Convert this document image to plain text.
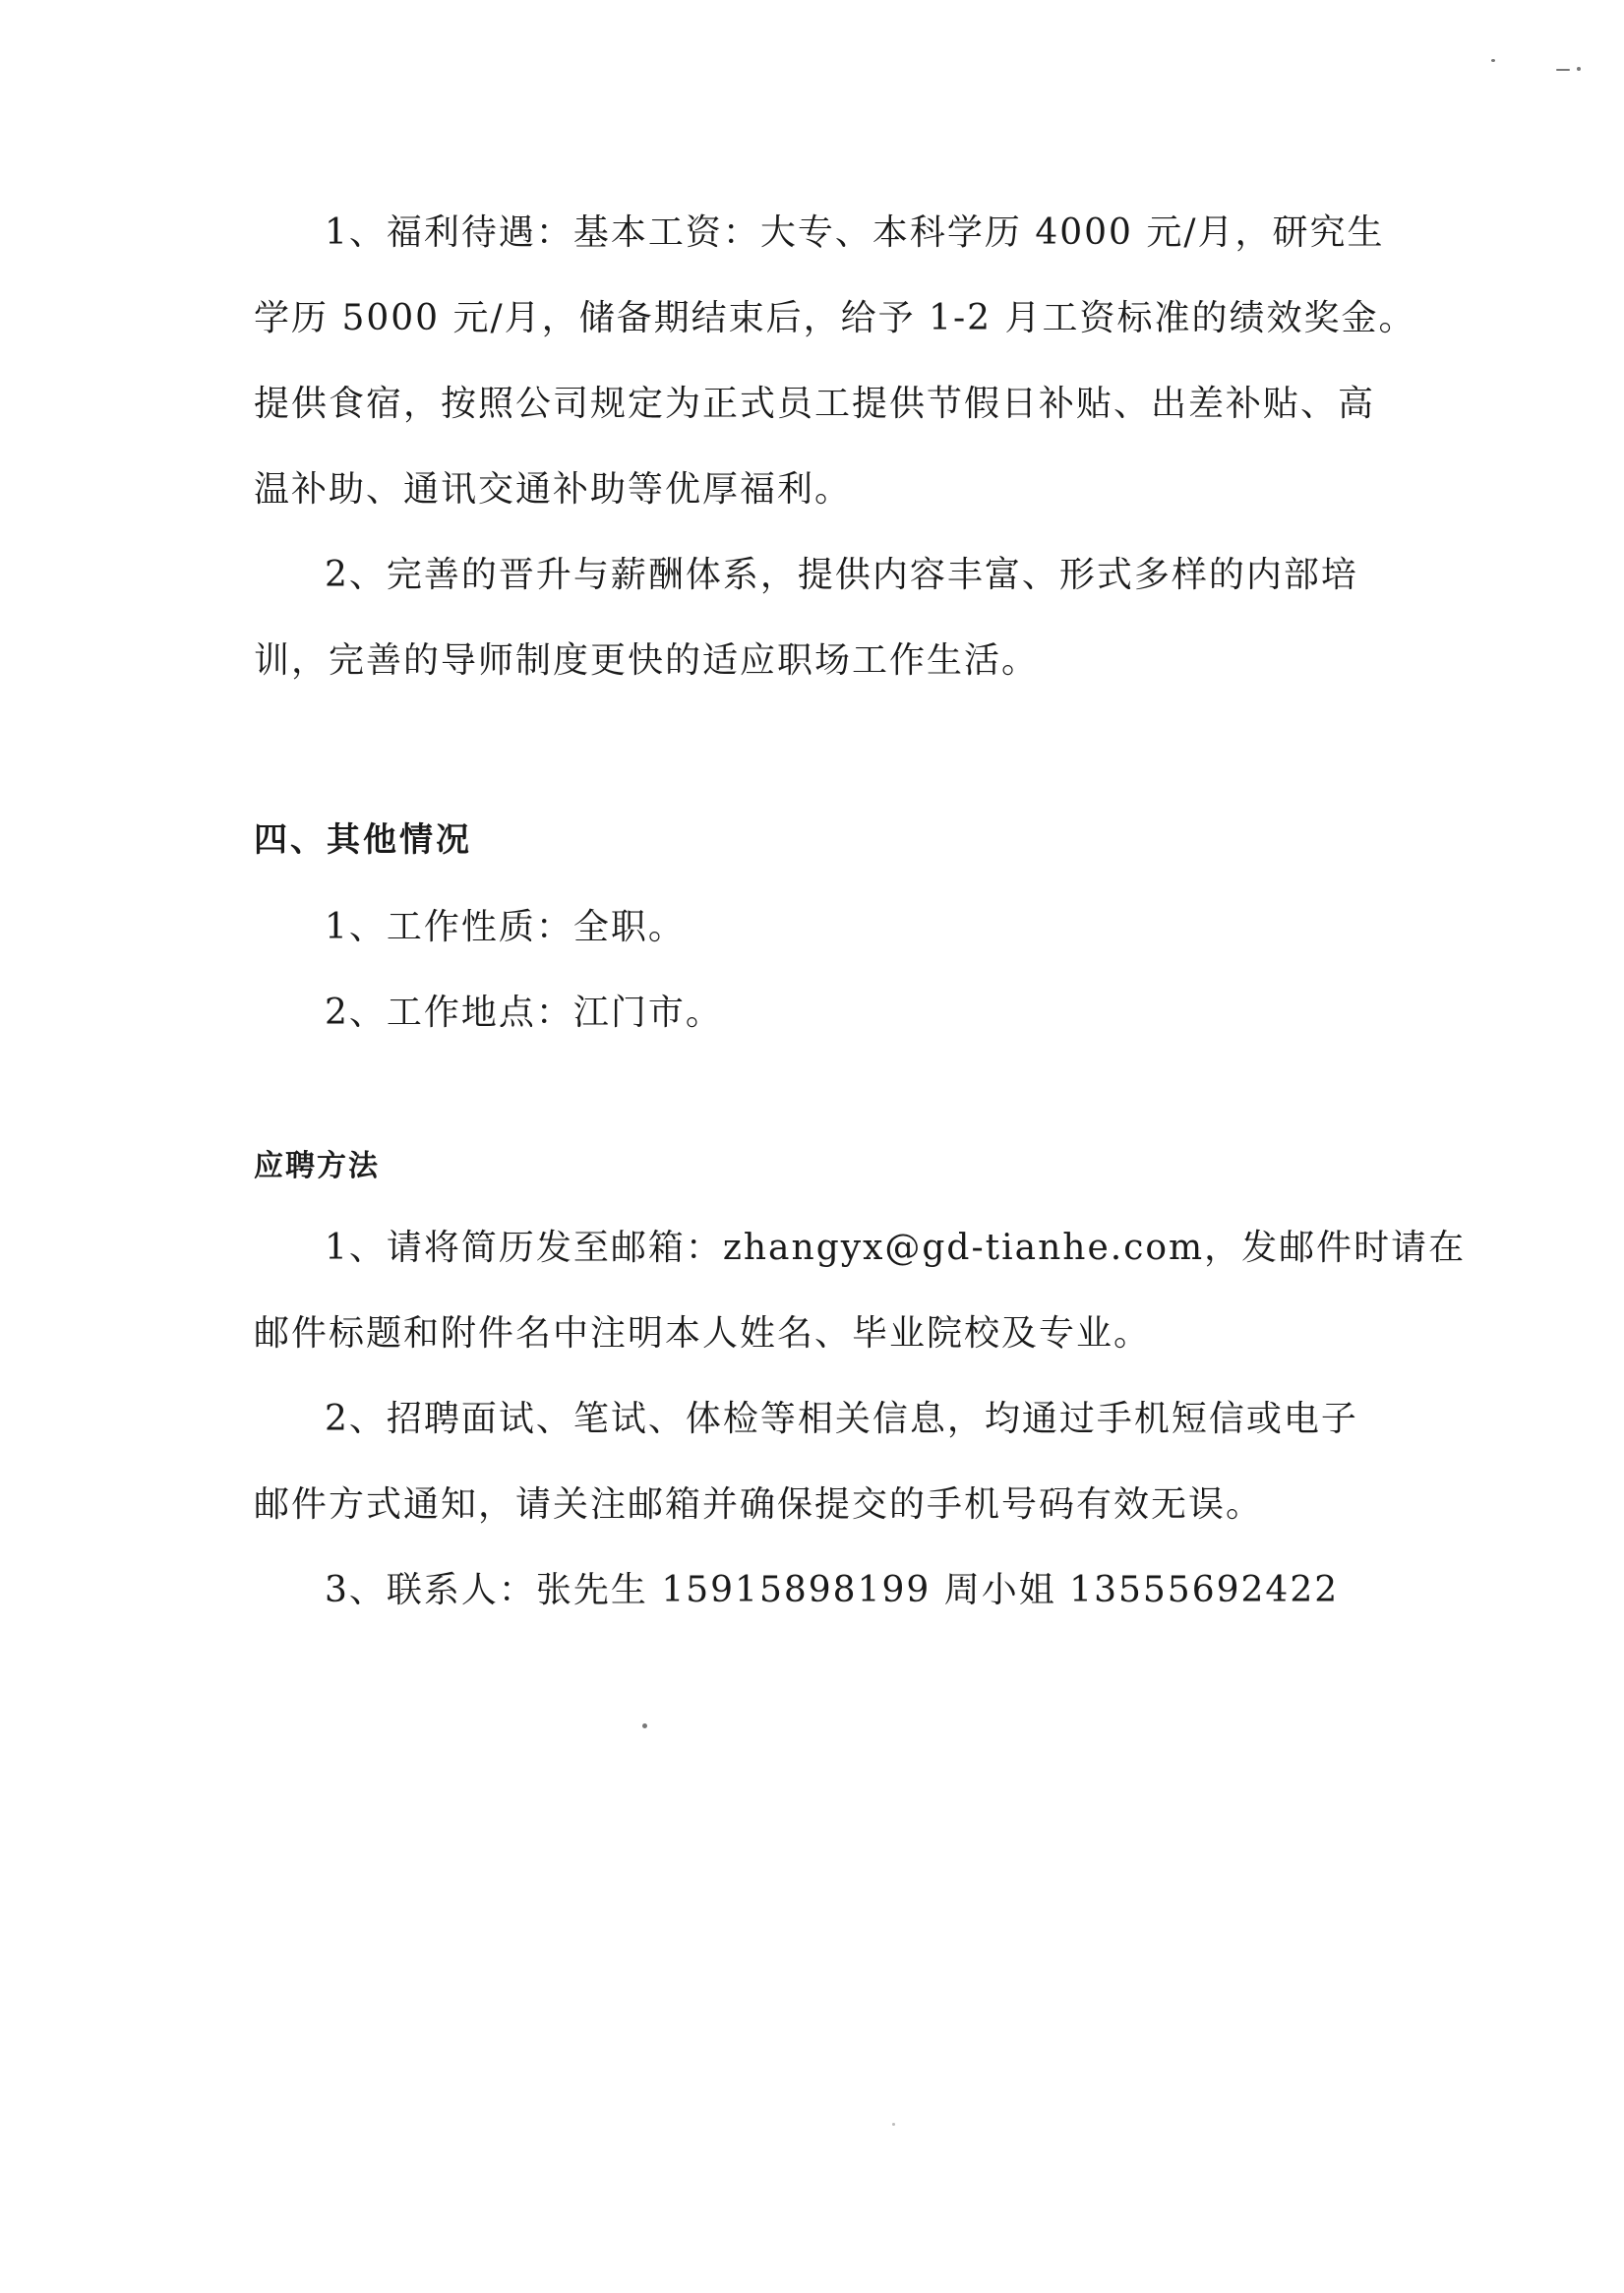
1、福利待遇：基本工资：大专、本科学历 4000 元/月，研究生
学历 5000 元/月，储备期结束后，给予 1-2 月工资标准的绩效奖金。
提供食宿，按照公司规定为正式员工提供节假日补贴、出差补贴、高
温补助、通讯交通补助等优厚福利。
2、完善的晋升与薪酬体系，提供内容丰富、形式多样的内部培
训，完善的导师制度更快的适应职场工作生活。
四、其他情况
1、工作性质：全职。
2、工作地点：江门市。
应聘方法
1、请将简历发至邮箱：zhangyx@gd-tianhe.com，发邮件时请在
邮件标题和附件名中注明本人姓名、毕业院校及专业。
2、招聘面试、笔试、体检等相关信息，均通过手机短信或电子
邮件方式通知，请关注邮箱并确保提交的手机号码有效无误。
3、联系人：张先生 15915898199 周小姐 13555692422
